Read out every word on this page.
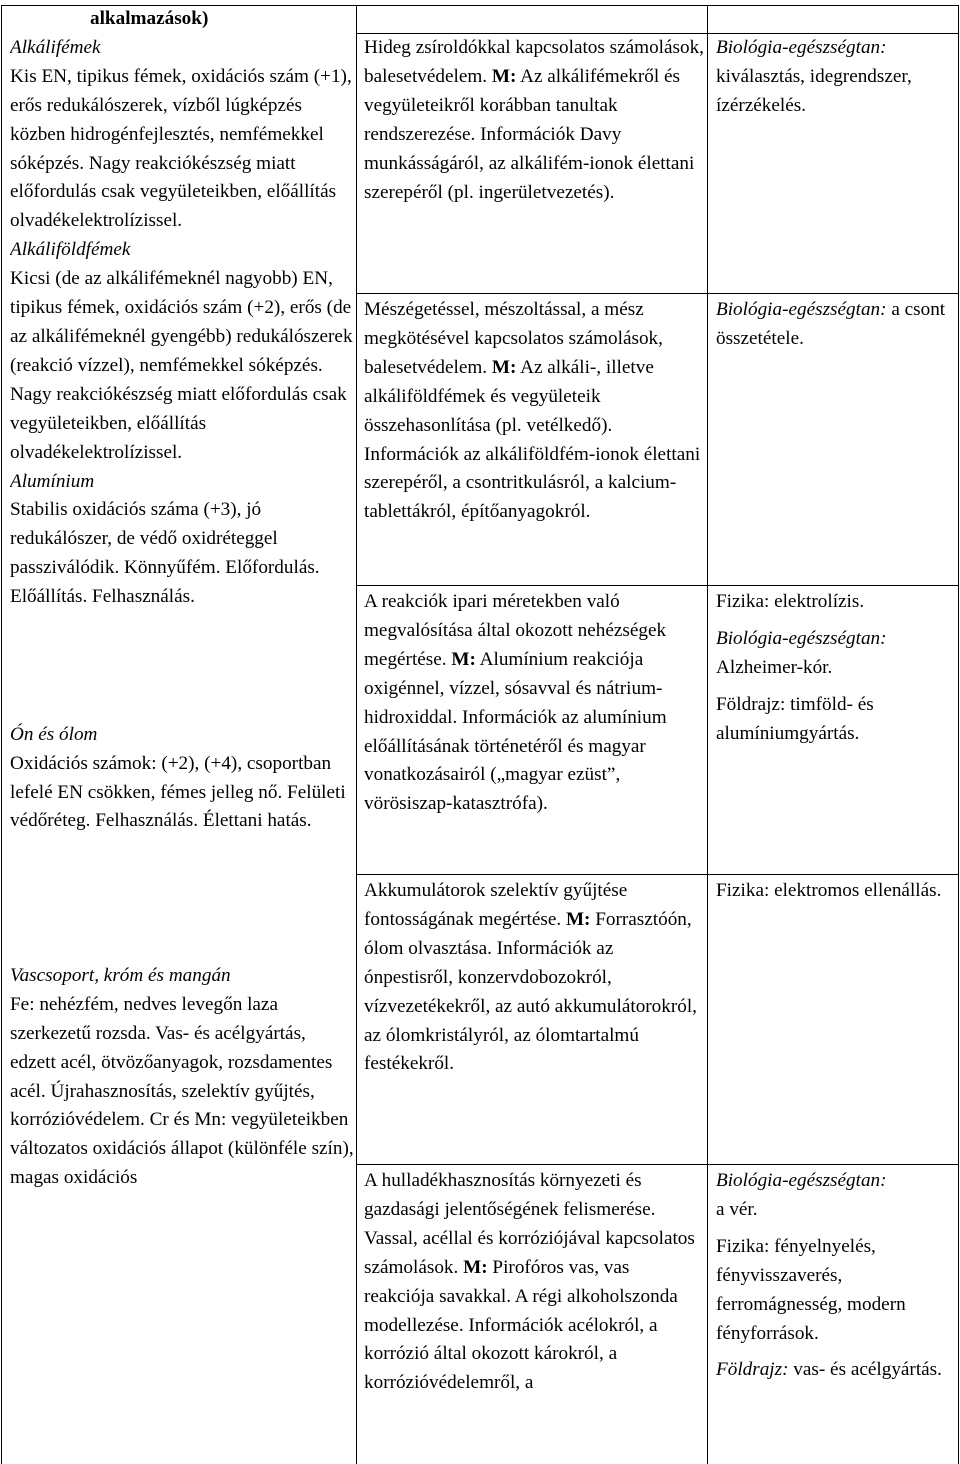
alkalmazások)
Alkálifémek
Kis EN, tipikus fémek, oxidációs szám (+1), erős redukálószerek, vízből lúgképzés közben hidrogénfejlesztés, nemfémekkel sóképzés. Nagy reakciókészség miatt előfordulás csak vegyületeikben, előállítás olvadékelektrolízissel.
Alkáliföldfémek
Kicsi (de az alkálifémeknél nagyobb) EN, tipikus fémek, oxidációs szám (+2), erős (de az alkálifémeknél gyengébb) redukálószerek (reakció vízzel), nemfémekkel sóképzés. Nagy reakciókészség miatt előfordulás csak vegyületeikben, előállítás olvadékelektrolízissel.
Alumínium
Stabilis oxidációs száma (+3), jó redukálószer, de védő oxidréteggel passziválódik. Könnyűfém. Előfordulás. Előállítás. Felhasználás.
Ón és ólom
Oxidációs számok: (+2), (+4), csoportban lefelé EN csökken, fémes jelleg nő. Felületi védőréteg. Felhasználás. Élettani hatás.
Vascsoport, króm és mangán
Fe: nehézfém, nedves levegőn laza szerkezetű rozsda. Vas- és acélgyártás, edzett acél, ötvözőanyagok, rozsdamentes acél. Újrahasznosítás, szelektív gyűjtés, korrózióvédelem. Cr és Mn: vegyületeikben változatos oxidációs állapot (különféle szín), magas oxidációs
Hideg zsíroldókkal kapcsolatos számolások, balesetvédelem. M: Az alkálifémekről és vegyületeikről korábban tanultak rendszerezése. Információk Davy munkásságáról, az alkálifém-ionok élettani szerepéről (pl. ingerületvezetés).
Mészégetéssel, mészoltással, a mész megkötésével kapcsolatos számolások, balesetvédelem. M: Az alkáli-, illetve alkáliföldfémek és vegyületeik összehasonlítása (pl. vetélkedő). Információk az alkáliföldfém-ionok élettani szerepéről, a csontritkulásról, a kalcium-tablettákról, építőanyagokról.
A reakciók ipari méretekben való megvalósítása által okozott nehézségek megértése. M: Alumínium reakciója oxigénnel, vízzel, sósavval és nátrium-hidroxiddal. Információk az alumínium előállításának történetéről és magyar vonatkozásairól („magyar ezüst”, vörösiszap-katasztrófa).
Akkumulátorok szelektív gyűjtése fontosságának megértése. M: Forrasztóón, ólom olvasztása. Információk az ónpestisről, konzervdobozokról, vízvezetékekről, az autó akkumulátorokról, az ólomkristályról, az ólomtartalmú festékekről.
A hulladékhasznosítás környezeti és gazdasági jelentőségének felismerése. Vassal, acéllal és korróziójával kapcsolatos számolások. M: Pirofóros vas, vas reakciója savakkal. A régi alkoholszonda modellezése. Információk acélokról, a korrózió által okozott károkról, a korrózióvédelemről, a
Biológia-egészségtan: kiválasztás, idegrendszer, ízérzékelés.
Biológia-egészségtan: a csont összetétele.
Fizika: elektrolízis.
Biológia-egészségtan:
Alzheimer-kór.
Földrajz: timföld- és alumíniumgyártás.
Fizika: elektromos ellenállás.
Biológia-egészségtan:
a vér.
Fizika: fényelnyelés, fényvisszaverés, ferromágnesség, modern fényforrások.
Földrajz: vas- és acélgyártás.
